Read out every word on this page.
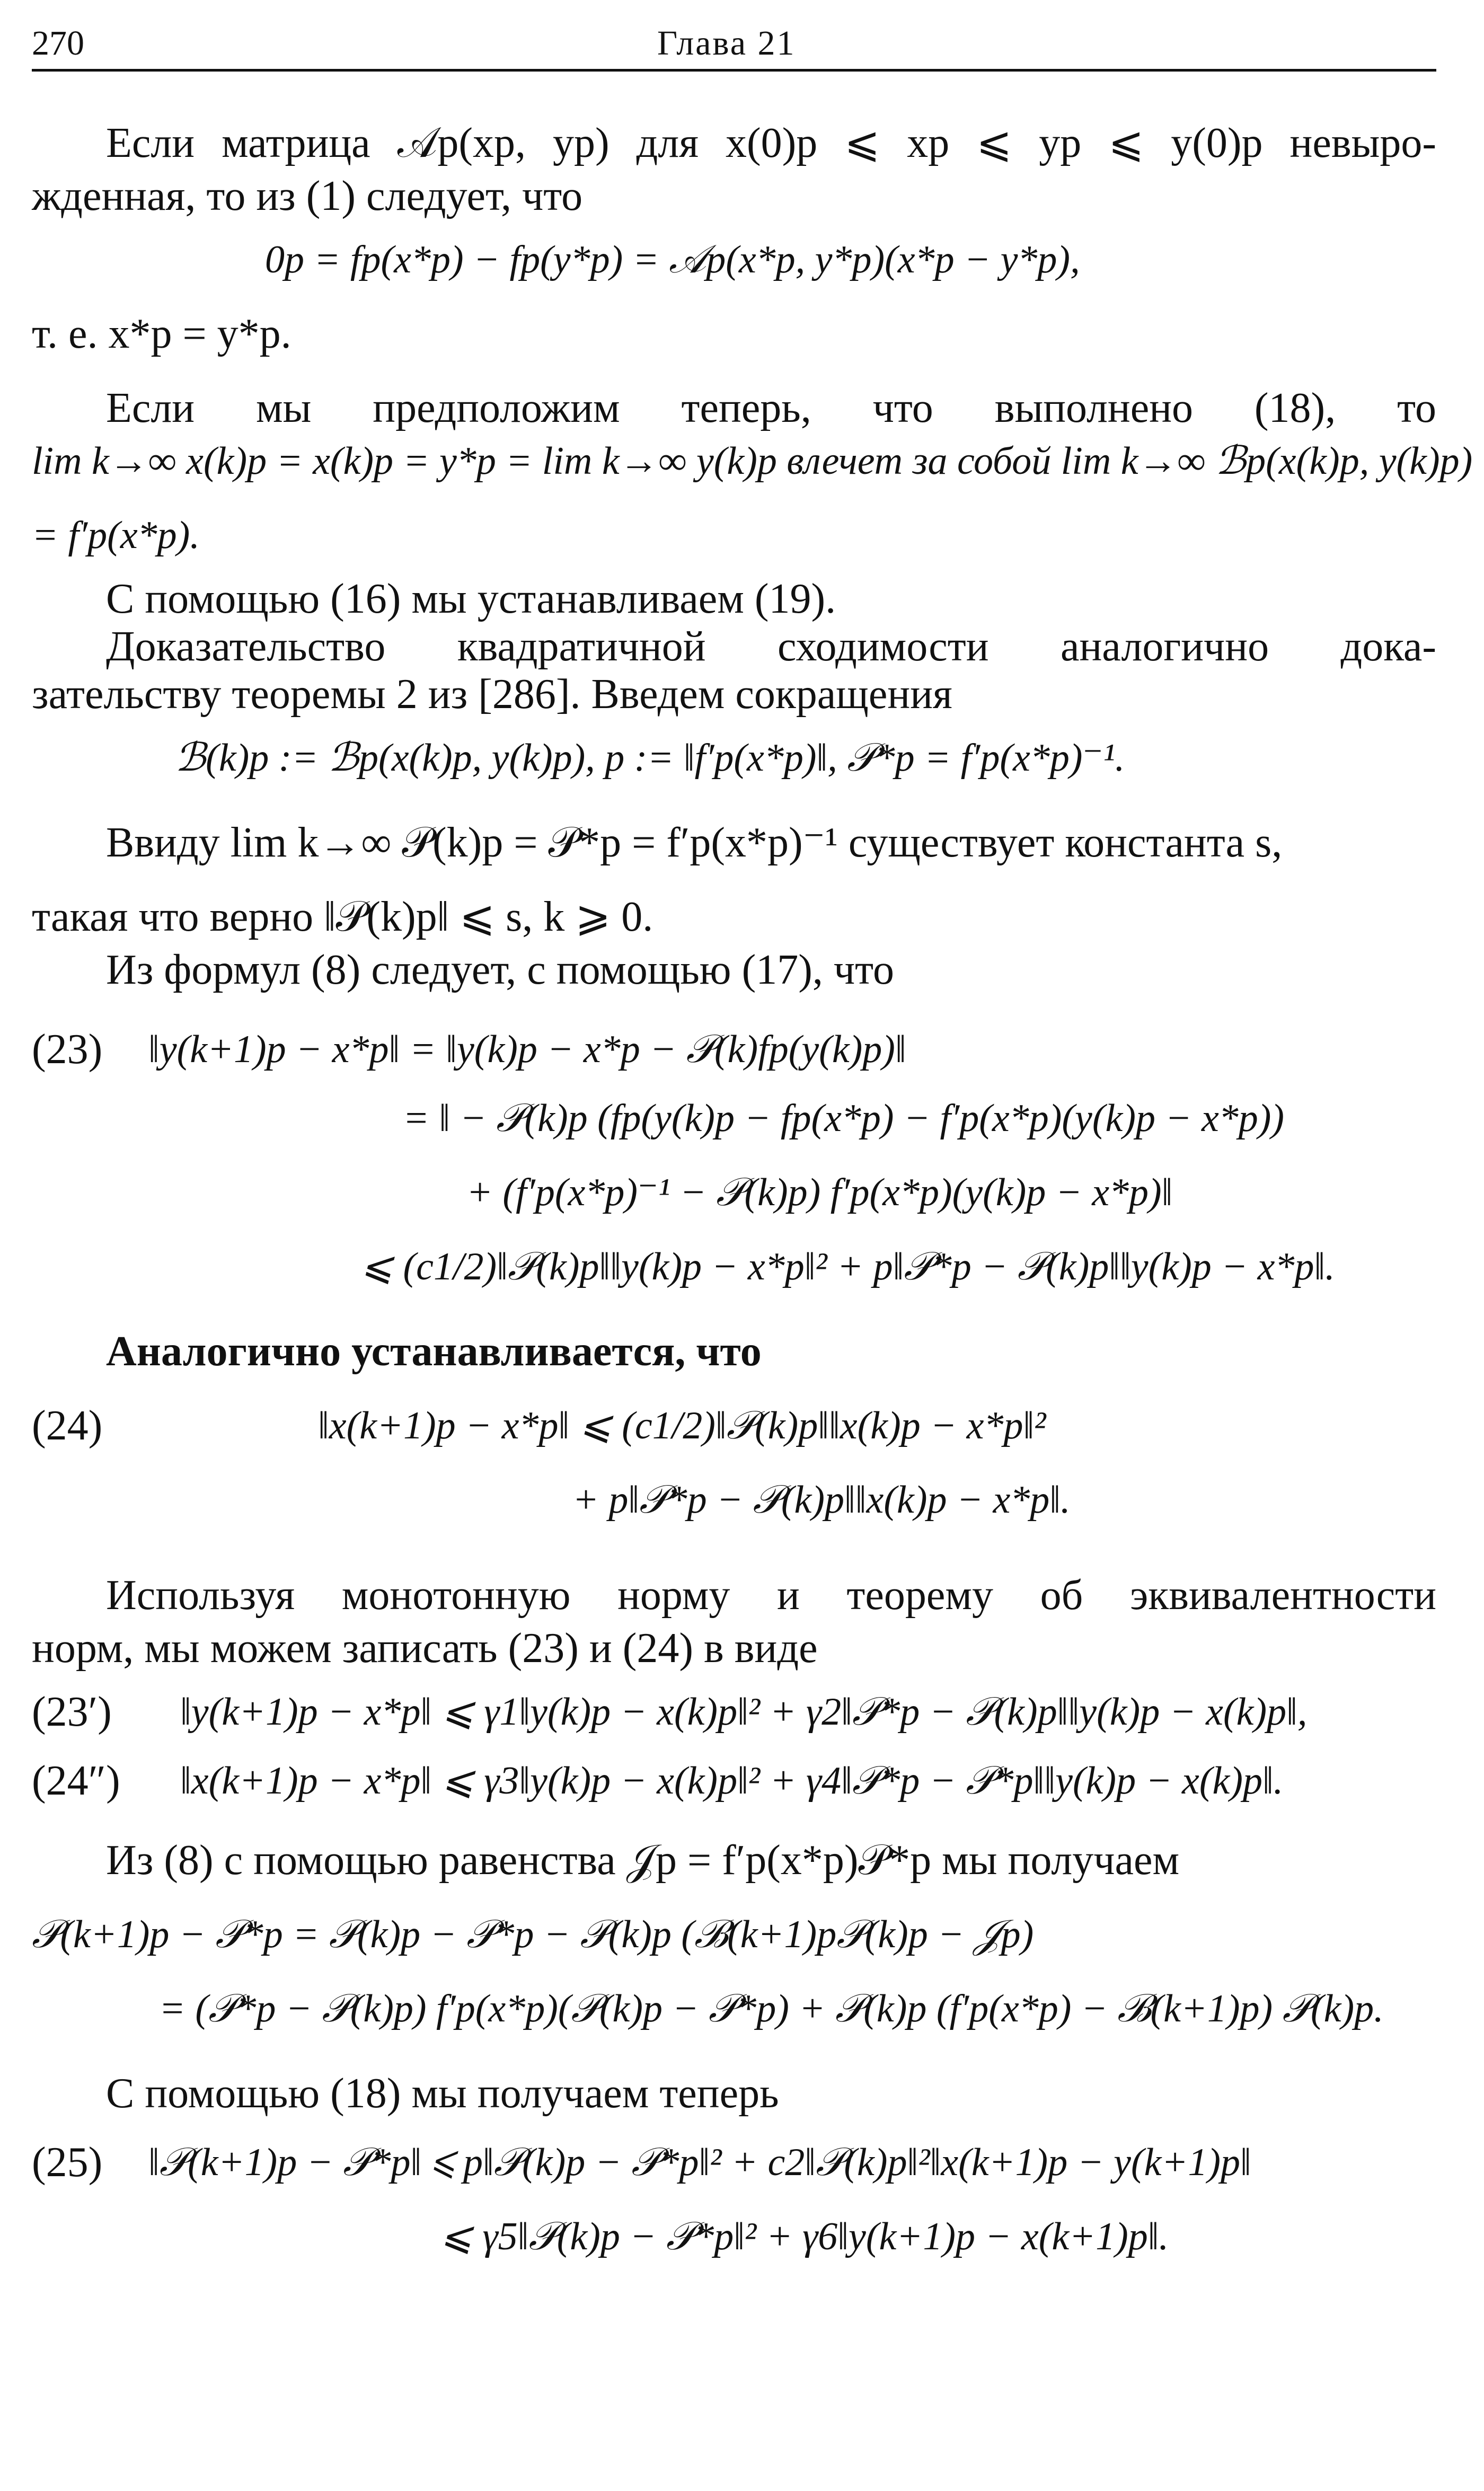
270	Глава 21
Если матрица 𝒜p(xp, yp) для x(0)p ⩽ xp ⩽ yp ⩽ y(0)p невыро-
жденная, то из (1) следует, что
0p = fp(x*p) − fp(y*p) = 𝒜p(x*p, y*p)(x*p − y*p),
т. е. x*p = y*p.
Если мы предположим теперь, что выполнено (18), то
lim k→∞ x(k)p = x(k)p = y*p = lim k→∞ y(k)p влечет за собой lim k→∞ ℬp(x(k)p, y(k)p)
= f′p(x*p).
С помощью (16) мы устанавливаем (19).
Доказательство квадратичной сходимости аналогично дока-
зательству теоремы 2 из [286]. Введем сокращения
ℬ(k)p := ℬp(x(k)p, y(k)p), p := ‖f′p(x*p)‖, 𝒫*p = f′p(x*p)⁻¹.
Ввиду lim k→∞ 𝒫(k)p = 𝒫*p = f′p(x*p)⁻¹ существует константа s,
такая что верно ‖𝒫(k)p‖ ⩽ s, k ⩾ 0.
Из формул (8) следует, с помощью (17), что
(23) ‖y(k+1)p − x*p‖ = ‖y(k)p − x*p − 𝒫(k)fp(y(k)p)‖
= ‖ − 𝒫(k)p (fp(y(k)p − fp(x*p) − f′p(x*p)(y(k)p − x*p))
+ (f′p(x*p)⁻¹ − 𝒫(k)p) f′p(x*p)(y(k)p − x*p)‖
⩽ (c1/2)‖𝒫(k)p‖‖y(k)p − x*p‖² + p‖𝒫*p − 𝒫(k)p‖‖y(k)p − x*p‖.
Аналогично устанавливается, что
(24)	‖x(k+1)p − x*p‖ ⩽ (c1/2)‖𝒫(k)p‖‖x(k)p − x*p‖²
+ p‖𝒫*p − 𝒫(k)p‖‖x(k)p − x*p‖.
Используя монотонную норму и теорему об эквивалентности
норм, мы можем записать (23) и (24) в виде
(23′) ‖y(k+1)p − x*p‖ ⩽ γ1‖y(k)p − x(k)p‖² + γ2‖𝒫*p − 𝒫(k)p‖‖y(k)p − x(k)p‖,
(24″) ‖x(k+1)p − x*p‖ ⩽ γ3‖y(k)p − x(k)p‖² + γ4‖𝒫*p − 𝒫*p‖‖y(k)p − x(k)p‖.
Из (8) с помощью равенства 𝒥p = f′p(x*p)𝒫*p мы получаем
𝒫(k+1)p − 𝒫*p = 𝒫(k)p − 𝒫*p − 𝒫(k)p (ℬ(k+1)p𝒫(k)p − 𝒥p)
= (𝒫*p − 𝒫(k)p) f′p(x*p)(𝒫(k)p − 𝒫*p) + 𝒫(k)p (f′p(x*p) − ℬ(k+1)p) 𝒫(k)p.
С помощью (18) мы получаем теперь
(25) ‖𝒫(k+1)p − 𝒫*p‖ ⩽ p‖𝒫(k)p − 𝒫*p‖² + c2‖𝒫(k)p‖²‖x(k+1)p − y(k+1)p‖
⩽ γ5‖𝒫(k)p − 𝒫*p‖² + γ6‖y(k+1)p − x(k+1)p‖.
